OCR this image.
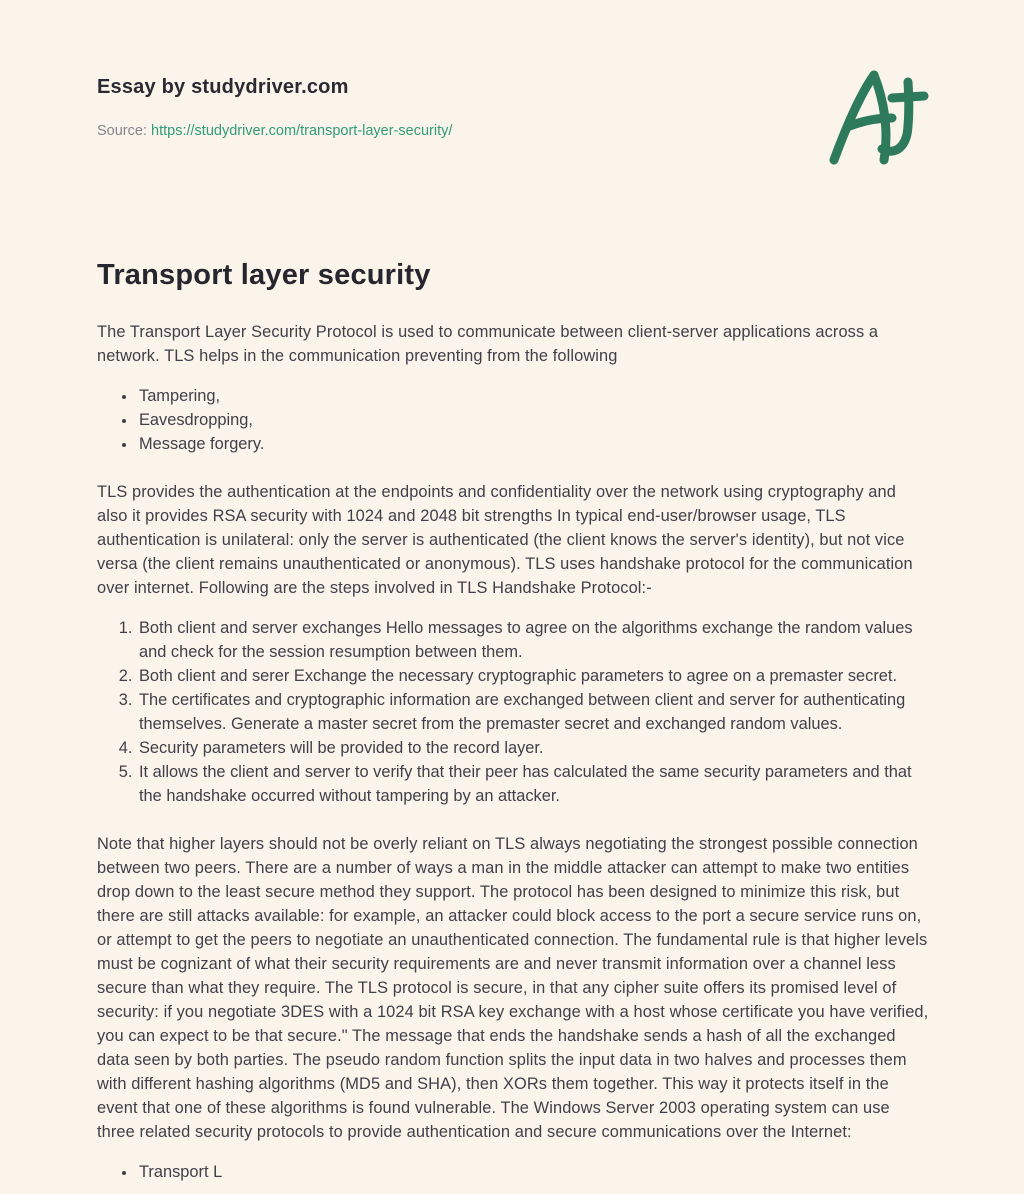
Essay by studydriver.com

Source: https://studydriver.com/transport-layer-security/
Transport layer security

The Transport Layer Security Protocol is used to communicate between client-server applications across a network. TLS helps in the communication preventing from the following

• Tampering,
• Eavesdropping,
• Message forgery.

TLS provides the authentication at the endpoints and confidentiality over the network using cryptography and also it provides RSA security with 1024 and 2048 bit strengths In typical end-user/browser usage, TLS authentication is unilateral: only the server is authenticated (the client knows the server's identity), but not vice versa (the client remains unauthenticated or anonymous). TLS uses handshake protocol for the communication over internet. Following are the steps involved in TLS Handshake Protocol:-

1. Both client and server exchanges Hello messages to agree on the algorithms exchange the random values and check for the session resumption between them.
2. Both client and serer Exchange the necessary cryptographic parameters to agree on a premaster secret.
3. The certificates and cryptographic information are exchanged between client and server for authenticating themselves. Generate a master secret from the premaster secret and exchanged random values.
4. Security parameters will be provided to the record layer.
5. It allows the client and server to verify that their peer has calculated the same security parameters and that the handshake occurred without tampering by an attacker.

Note that higher layers should not be overly reliant on TLS always negotiating the strongest possible connection between two peers. There are a number of ways a man in the middle attacker can attempt to make two entities drop down to the least secure method they support. The protocol has been designed to minimize this risk, but there are still attacks available: for example, an attacker could block access to the port a secure service runs on, or attempt to get the peers to negotiate an unauthenticated connection. The fundamental rule is that higher levels must be cognizant of what their security requirements are and never transmit information over a channel less secure than what they require. The TLS protocol is secure, in that any cipher suite offers its promised level of security: if you negotiate 3DES with a 1024 bit RSA key exchange with a host whose certificate you have verified, you can expect to be that secure." The message that ends the handshake sends a hash of all the exchanged data seen by both parties. The pseudo random function splits the input data in two halves and processes them with different hashing algorithms (MD5 and SHA), then XORs them together. This way it protects itself in the event that one of these algorithms is found vulnerable. The Windows Server 2003 operating system can use three related security protocols to provide authentication and secure communications over the Internet:

• Transport L
